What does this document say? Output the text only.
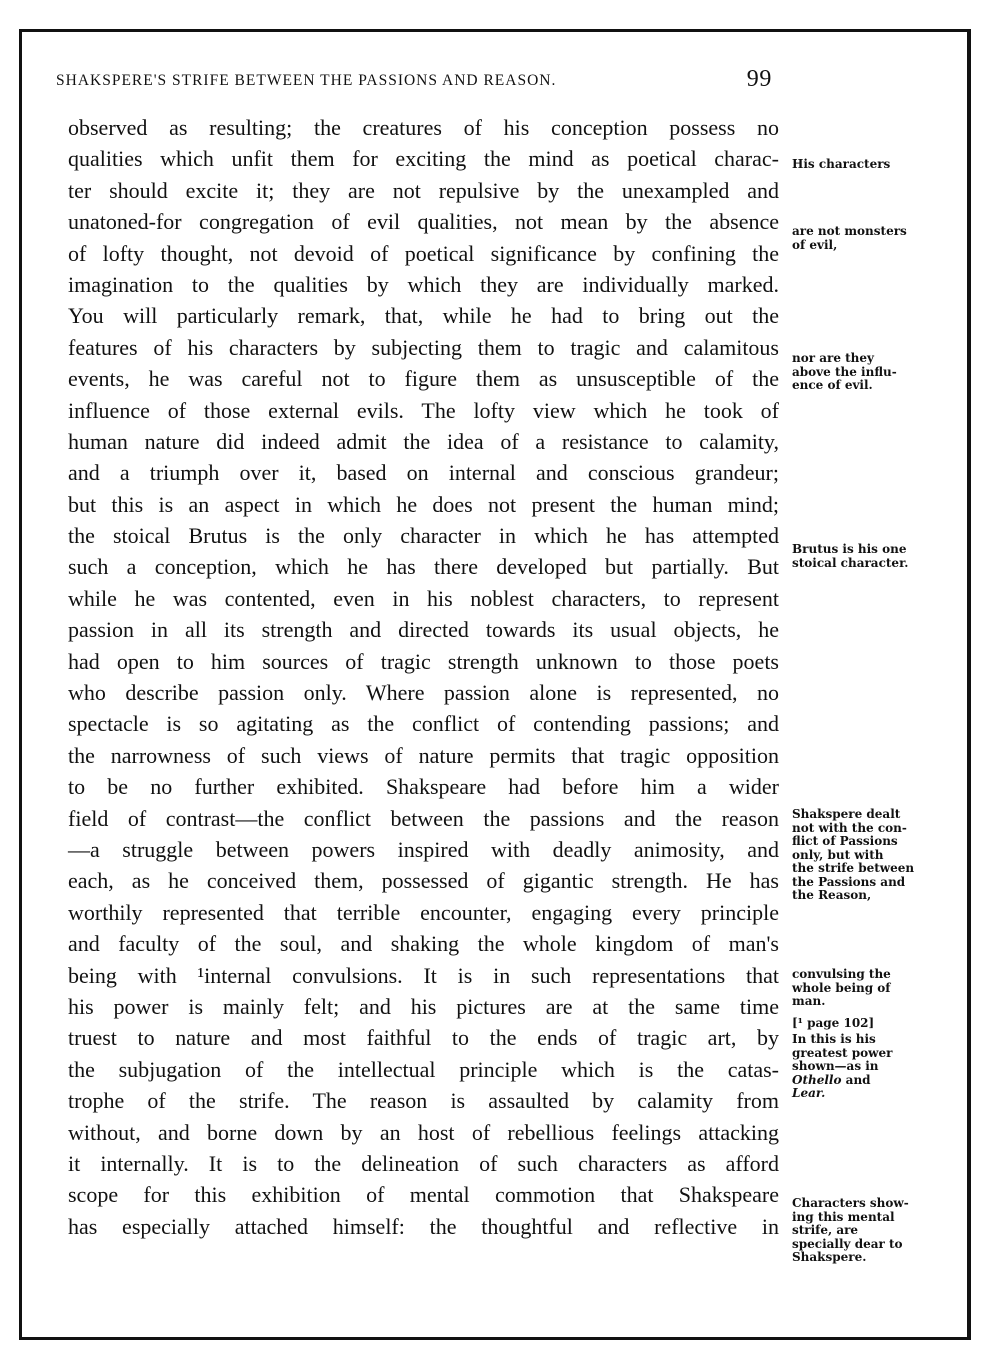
SHAKSPERE'S STRIFE BETWEEN THE PASSIONS AND REASON.	99
observed as resulting; the creatures of his conception possess no
qualities which unfit them for exciting the mind as poetical charac-
ter should excite it; they are not repulsive by the unexampled and
unatoned-for congregation of evil qualities, not mean by the absence
of lofty thought, not devoid of poetical significance by confining the
imagination to the qualities by which they are individually marked.
You will particularly remark, that, while he had to bring out the
features of his characters by subjecting them to tragic and calamitous
events, he was careful not to figure them as unsusceptible of the
influence of those external evils. The lofty view which he took of
human nature did indeed admit the idea of a resistance to calamity,
and a triumph over it, based on internal and conscious grandeur;
but this is an aspect in which he does not present the human mind;
the stoical Brutus is the only character in which he has attempted
such a conception, which he has there developed but partially. But
while he was contented, even in his noblest characters, to represent
passion in all its strength and directed towards its usual objects, he
had open to him sources of tragic strength unknown to those poets
who describe passion only. Where passion alone is represented, no
spectacle is so agitating as the conflict of contending passions; and
the narrowness of such views of nature permits that tragic opposition
to be no further exhibited. Shakspeare had before him a wider
field of contrast—the conflict between the passions and the reason
—a struggle between powers inspired with deadly animosity, and
each, as he conceived them, possessed of gigantic strength. He has
worthily represented that terrible encounter, engaging every principle
and faculty of the soul, and shaking the whole kingdom of man's
being with ¹internal convulsions. It is in such representations that
his power is mainly felt; and his pictures are at the same time
truest to nature and most faithful to the ends of tragic art, by
the subjugation of the intellectual principle which is the catas-
trophe of the strife. The reason is assaulted by calamity from
without, and borne down by an host of rebellious feelings attacking
it internally. It is to the delineation of such characters as afford
scope for this exhibition of mental commotion that Shakspeare
has especially attached himself: the thoughtful and reflective in
His characters
are not monsters
of evil,
nor are they
above the influ-
ence of evil.
Brutus is his one
stoical character.
Shakspere dealt
not with the con-
flict of Passions
only, but with
the strife between
the Passions and
the Reason,
convulsing the
whole being of
man.
[¹ page 102]
In this is his
greatest power
shown—as in
Othello and
Lear.
Characters show-
ing this mental
strife, are
specially dear to
Shakspere.
